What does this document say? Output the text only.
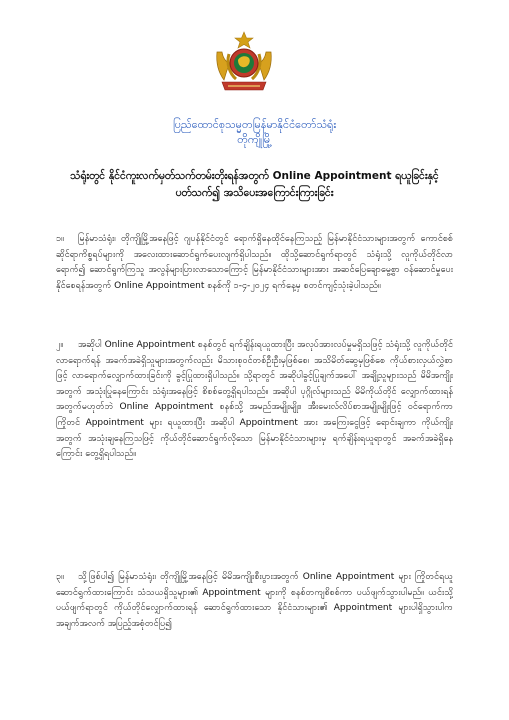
ပြည်ထောင်စုသမ္မတမြန်မာနိုင်ငံတော်သံရုံး
တိုကျိုမြို့
သံရုံးတွင် နိုင်ငံကူးလက်မှတ်သက်တမ်းတိုးရန်အတွက် Online Appointment ရယူခြင်းနှင့်
ပတ်သက်၍ အသိပေးအကြောင်းကြားခြင်း
၁။ မြန်မာသံရုံး၊ တိုကျိုမြို့အနေဖြင့် ဂျပန်နိုင်ငံတွင် ရောက်ရှိနေထိုင်နေကြသည့် မြန်မာနိုင်ငံသားများအတွက် ကောင်စစ်ဆိုင်ရာကိစ္စရပ်များကို အလေးထားဆောင်ရွက်ပေးလျက်ရှိပါသည်။ ထိုသို့ဆောင်ရွက်ရာတွင် သံရုံးသို့ လူကိုယ်တိုင်လာရောက်၍ ဆောင်ရွက်ကြသူ အလွန်များပြားလာသောကြောင့် မြန်မာနိုင်ငံသားများအား အဆင်ပြေချောမွေ့စွာ ဝန်ဆောင်မှုပေးနိုင်စေရန်အတွက် Online Appointment စနစ်ကို ၁-၄-၂၀၂၄ ရက်နေ့မှ စတင်ကျင့်သုံးခဲ့ပါသည်။
၂။ အဆိုပါ Online Appointment စနစ်တွင် ရက်ချိန်းရယူထားပြီး အလုပ်အားလပ်မှုမရှိသဖြင့် သံရုံးသို့ လူကိုယ်တိုင်လာရောက်ရန် အခက်အခဲရှိသူများအတွက်လည်း မိသားစုဝင်တစ်ဦးဦးမှဖြစ်စေ၊ အသိမိတ်ဆွေမှဖြစ်စေ ကိုယ်စားလှယ်လွှဲစာဖြင့် လာရောက်လျှောက်ထားခြင်းကို ခွင့်ပြုထားရှိပါသည်။ သို့ရာတွင် အဆိုပါခွင့်ပြုချက်အပေါ် အချို့သူများသည် မိမိအကျိုးအတွက် အသုံးပြုနေကြောင်း သံရုံးအနေဖြင့် စိစစ်တွေ့ရှိရပါသည်။ အဆိုပါ ပုဂ္ဂိုလ်များသည် မိမိကိုယ်တိုင် လျှောက်ထားရန်အတွက်မဟုတ်ဘဲ Online Appointment စနစ်သို့ အမည်အမျိုးမျိုး၊ အီးမေးလ်လိပ်စာအမျိုးမျိုးဖြင့် ဝင်ရောက်ကာ ကြိုတင် Appointment များ ရယူထားပြီး အဆိုပါ Appointment အား အကြေးငွေဖြင့် ရောင်းချကာ ကိုယ်ကျိုးအတွက် အသုံးချနေကြသဖြင့် ကိုယ်တိုင်ဆောင်ရွက်လိုသော မြန်မာနိုင်ငံသားများမှ ရက်ချိန်းရယူရာတွင် အခက်အခဲရှိနေကြောင်း တွေ့ရှိရပါသည်။
၃။ သို့ဖြစ်ပါ၍ မြန်မာသံရုံး၊ တိုကျိုမြို့အနေဖြင့် မိမိအကျိုးစီးပွားအတွက် Online Appointment များ ကြိုတင်ရယူဆောင်ရွက်ထားကြောင်း သံသယရှိသူများ၏ Appointment များကို စနစ်တကျစိစစ်ကာ ပယ်ဖျက်သွားပါမည်။ ယင်းသို့ပယ်ဖျက်ရာတွင် ကိုယ်တိုင်လျှောက်ထားရန် ဆောင်ရွက်ထားသော နိုင်ငံသားများ၏ Appointment များပါရှိသွားပါက အချက်အလက် အပြည့်အစုံတင်ပြ၍
